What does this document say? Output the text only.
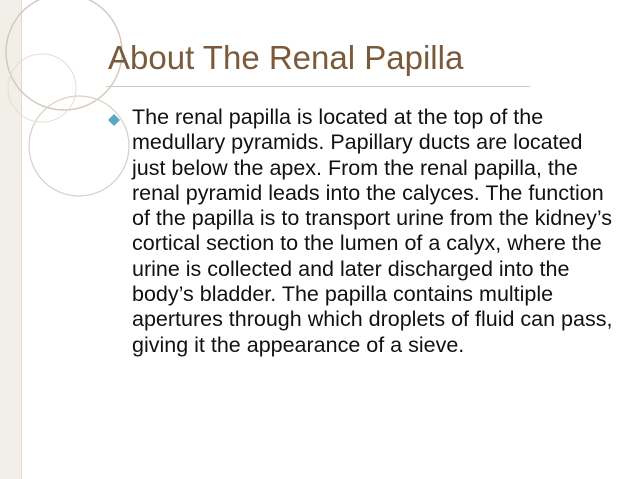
About The Renal Papilla
The renal papilla is located at the top of the medullary pyramids. Papillary ducts are located just below the apex. From the renal papilla, the renal pyramid leads into the calyces. The function of the papilla is to transport urine from the kidney’s cortical section to the lumen of a calyx, where the urine is collected and later discharged into the body’s bladder. The papilla contains multiple apertures through which droplets of fluid can pass, giving it the appearance of a sieve.
